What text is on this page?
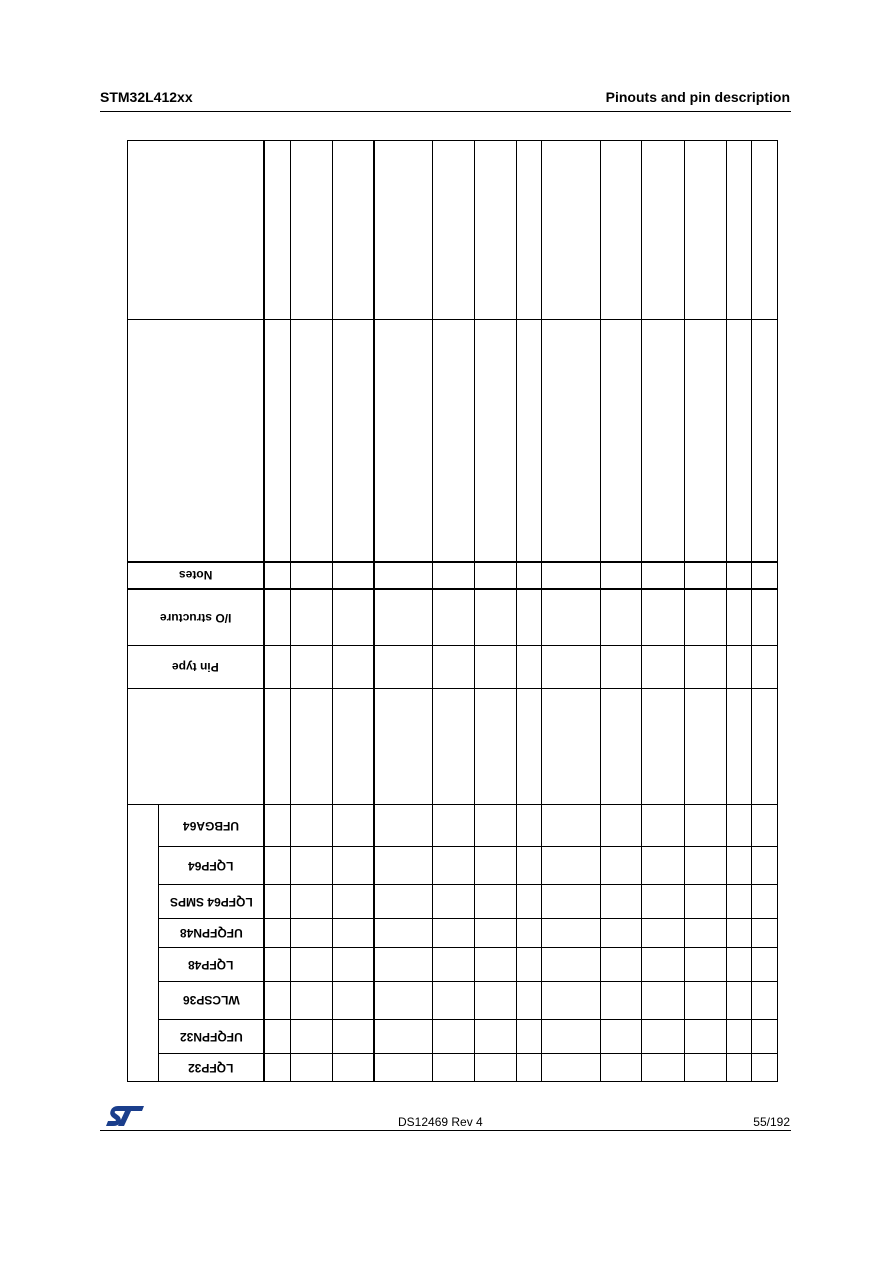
STM32L412xx	Pinouts and pin description
Notes
I/O structure
Pin type
UFBGA64
LQFP64
LQFP64 SMPS
UFQFPN48
LQFP48
WLCSP36
UFQFPN32
LQFP32
DS12469 Rev 4	55/192
